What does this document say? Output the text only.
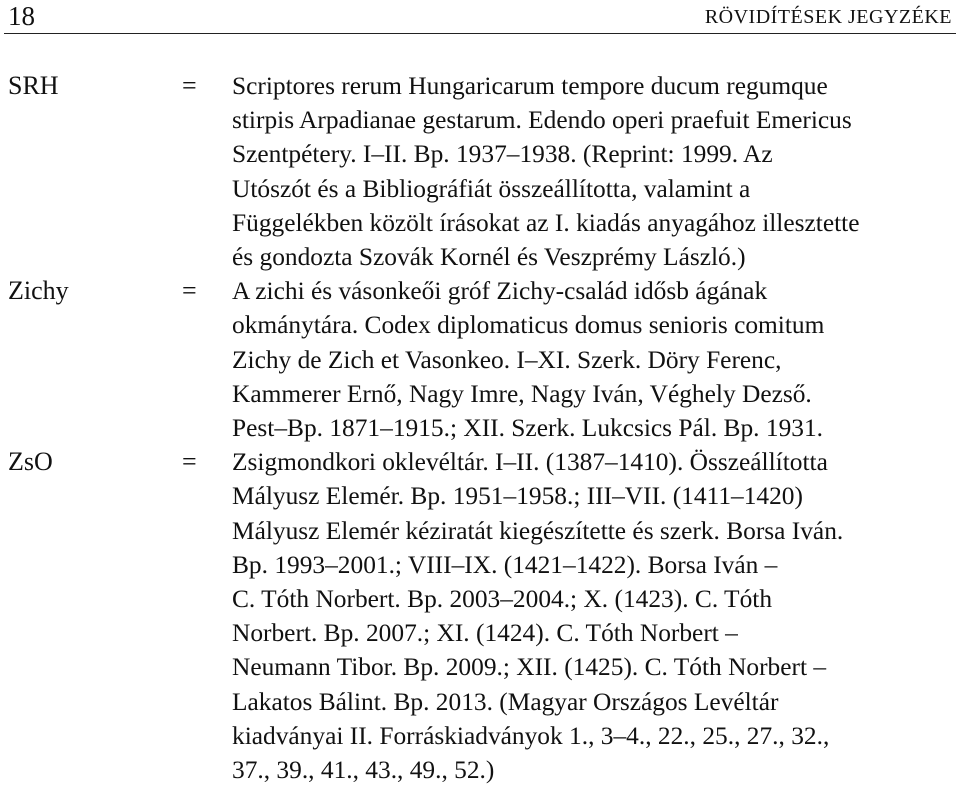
18	RÖVIDÍTÉSEK JEGYZÉKE
SRH	= Scriptores rerum Hungaricarum tempore ducum regumque
stirpis Arpadianae gestarum. Edendo operi praefuit Emericus
Szentpétery. I–II. Bp. 1937–1938. (Reprint: 1999. Az
Utószót és a Bibliográfiát összeállította, valamint a
Függelékben közölt írásokat az I. kiadás anyagához illesztette
és gondozta Szovák Kornél és Veszprémy László.)
Zichy	= A zichi és vásonkeői gróf Zichy-család idősb ágának
okmánytára. Codex diplomaticus domus senioris comitum
Zichy de Zich et Vasonkeo. I–XI. Szerk. Döry Ferenc,
Kammerer Ernő, Nagy Imre, Nagy Iván, Véghely Dezső.
Pest–Bp. 1871–1915.; XII. Szerk. Lukcsics Pál. Bp. 1931.
ZsO	= Zsigmondkori oklevéltár. I–II. (1387–1410). Összeállította
Mályusz Elemér. Bp. 1951–1958.; III–VII. (1411–1420)
Mályusz Elemér kéziratát kiegészítette és szerk. Borsa Iván.
Bp. 1993–2001.; VIII–IX. (1421–1422). Borsa Iván –
C. Tóth Norbert. Bp. 2003–2004.; X. (1423). C. Tóth
Norbert. Bp. 2007.; XI. (1424). C. Tóth Norbert –
Neumann Tibor. Bp. 2009.; XII. (1425). C. Tóth Norbert –
Lakatos Bálint. Bp. 2013. (Magyar Országos Levéltár
kiadványai II. Forráskiadványok 1., 3–4., 22., 25., 27., 32.,
37., 39., 41., 43., 49., 52.)
